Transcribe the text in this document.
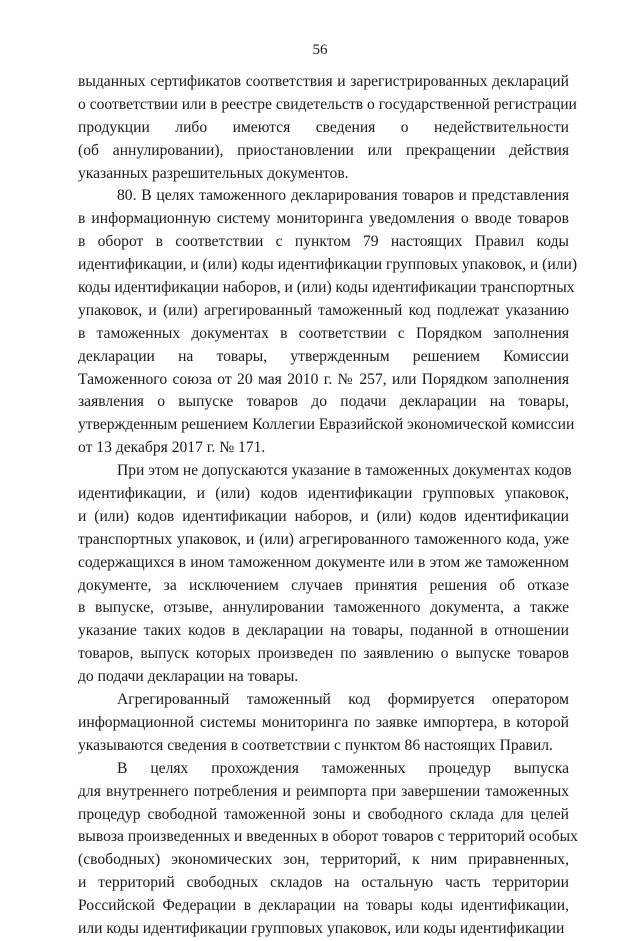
56
выданных сертификатов соответствия и зарегистрированных деклараций
о соответствии или в реестре свидетельств о государственной регистрации
продукции либо имеются сведения о недействительности
(об аннулировании), приостановлении или прекращении действия
указанных разрешительных документов.
80. В целях таможенного декларирования товаров и представления
в информационную систему мониторинга уведомления о вводе товаров
в оборот в соответствии с пунктом 79 настоящих Правил коды
идентификации, и (или) коды идентификации групповых упаковок, и (или)
коды идентификации наборов, и (или) коды идентификации транспортных
упаковок, и (или) агрегированный таможенный код подлежат указанию
в таможенных документах в соответствии с Порядком заполнения
декларации на товары, утвержденным решением Комиссии
Таможенного союза от 20 мая 2010 г. № 257, или Порядком заполнения
заявления о выпуске товаров до подачи декларации на товары,
утвержденным решением Коллегии Евразийской экономической комиссии
от 13 декабря 2017 г. № 171.
При этом не допускаются указание в таможенных документах кодов
идентификации, и (или) кодов идентификации групповых упаковок,
и (или) кодов идентификации наборов, и (или) кодов идентификации
транспортных упаковок, и (или) агрегированного таможенного кода, уже
содержащихся в ином таможенном документе или в этом же таможенном
документе, за исключением случаев принятия решения об отказе
в выпуске, отзыве, аннулировании таможенного документа, а также
указание таких кодов в декларации на товары, поданной в отношении
товаров, выпуск которых произведен по заявлению о выпуске товаров
до подачи декларации на товары.
Агрегированный таможенный код формируется оператором
информационной системы мониторинга по заявке импортера, в которой
указываются сведения в соответствии с пунктом 86 настоящих Правил.
В целях прохождения таможенных процедур выпуска
для внутреннего потребления и реимпорта при завершении таможенных
процедур свободной таможенной зоны и свободного склада для целей
вывоза произведенных и введенных в оборот товаров с территорий особых
(свободных) экономических зон, территорий, к ним приравненных,
и территорий свободных складов на остальную часть территории
Российской Федерации в декларации на товары коды идентификации,
или коды идентификации групповых упаковок, или коды идентификации
